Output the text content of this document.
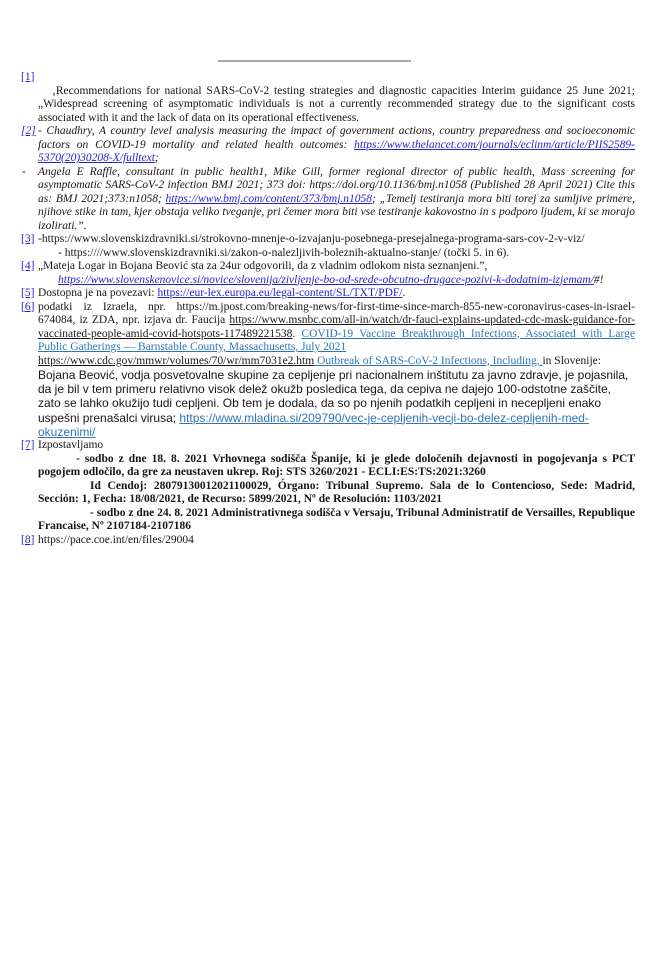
[1]

‚Recommendations for national SARS-CoV-2 testing strategies and diagnostic capacities Interim guidance 25 June 2021; „Widespread screening of asymptomatic individuals is not a currently recommended strategy due to the significant costs associated with it and the lack of data on its operational effectiveness.

[2] - Chaudhry, A country level analysis measuring the impact of government actions, country preparedness and socioeconomic factors on COVID-19 mortality and related health outcomes: https://www.thelancet.com/journals/eclinm/article/PIIS2589-5370(20)30208-X/fulltext;

- Angela E Raffle, consultant in public health1, Mike Gill, former regional director of public health, Mass screening for asymptomatic SARS-CoV-2 infection BMJ 2021; 373 doi: https://doi.org/10.1136/bmj.n1058 (Published 28 April 2021) Cite this as: BMJ 2021;373:n1058; https://www.bmj.com/content/373/bmj.n1058; „Temelj testiranja mora biti torej za sumljive primere, njihove stike in tam, kjer obstaja veliko tveganje, pri čemer mora biti vse testiranje kakovostno in s podporo ljudem, ki se morajo izolirati.”.

[3] -https://www.slovenskizdravniki.si/strokovno-mnenje-o-izvajanju-posebnega-presejalnega-programa-sars-cov-2-v-viz/

- https:////www.slovenskizdravniki.si/zakon-o-nalezljivih-boleznih-aktualno-stanje/ (točki 5. in 6).

[4] „Mateja Logar in Bojana Beović sta za 24ur odgovorili, da z vladnim odlokom nista seznanjeni.”,

https://www.slovenskenovice.si/novice/slovenija/zivljenje-bo-od-srede-obcutno-drugace-pozivi-k-dodatnim-izjemam/#!

[5] Dostopna je na povezavi: https://eur-lex.europa.eu/legal-content/SL/TXT/PDF/.

[6] podatki iz Izraela, npr. https://m.jpost.com/breaking-news/for-first-time-since-march-855-new-coronavirus-cases-in-israel-674084, iz ZDA, npr. izjava dr. Faucija https://www.msnbc.com/all-in/watch/dr-fauci-explains-updated-cdc-mask-guidance-for-vaccinated-people-amid-covid-hotspots-117489221538. COVID-19 Vaccine Breakthrough Infections, Associated with Large Public Gatherings — Barnstable County, Massachusetts, July 2021
https://www.cdc.gov/mmwr/volumes/70/wr/mm7031e2.htm Outbreak of SARS-CoV-2 Infections, Including, in Slovenije:

Bojana Beović, vodja posvetovalne skupine za cepljenje pri nacionalnem inštitutu za javno zdravje, je pojasnila, da je bil v tem primeru relativno visok delež okužb posledica tega, da cepiva ne dajejo 100-odstotne zaščite, zato se lahko okužijo tudi cepljeni. Ob tem je dodala, da so po njenih podatkih cepljeni in necepljeni enako uspešni prenašalci virusa; https://www.mladina.si/209790/vec-je-cepljenih-vecji-bo-delez-cepljenih-med-okuzenimi/

[7] Izpostavljamo

- sodbo z dne 18. 8. 2021 Vrhovnega sodišča Španije, ki je glede določenih dejavnosti in pogojevanja s PCT pogojem odločilo, da gre za neustaven ukrep. Roj: STS 3260/2021 - ECLI:ES:TS:2021:3260

Id Cendoj: 28079130012021100029, Órgano: Tribunal Supremo. Sala de lo Contencioso, Sede: Madrid, Sección: 1, Fecha: 18/08/2021, de Recurso: 5899/2021, Nº de Resolución: 1103/2021

- sodbo z dne 24. 8. 2021 Administrativnega sodišča v Versaju, Tribunal Administratif de Versailles, Republique Francaise, Nº 2107184-2107186

[8] https://pace.coe.int/en/files/29004
